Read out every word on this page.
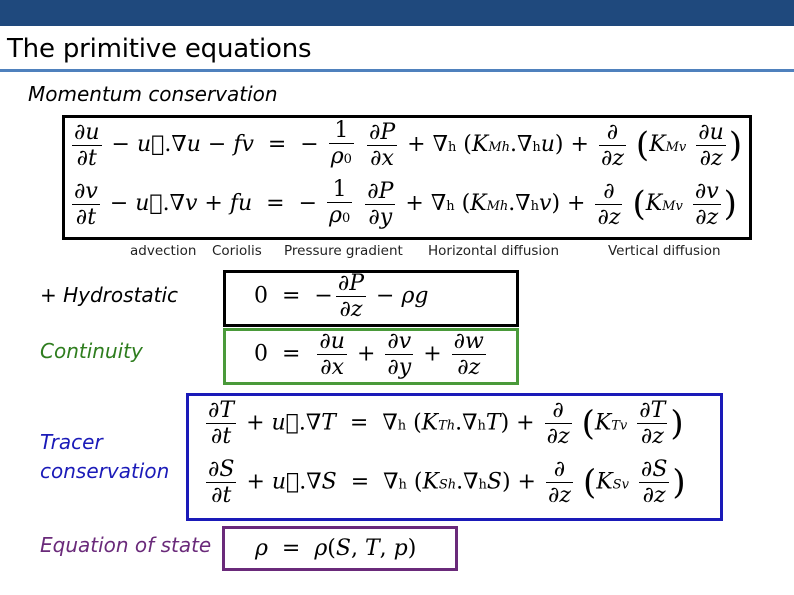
The primitive equations
Momentum conservation
$\frac{\partial u}{\partial t}$ − u⃗.∇u − fv  =  − $\frac{1}{\rho 0}$
$\frac{\partial P}{\partial x} + \nabla h$ $(KMh.\nabla hu) + \frac{\partial}{\partial z} (KMv \frac{\partial u}{\partial z}$ )
$\frac{\partial v}{\partial t}$ − u⃗.∇v + fu  =  − $\frac{1}{\rho 0}$
$\frac{\partial P}{\partial y} + \nabla h$ $(KMh.\nabla hv) + \frac{\partial}{\partial z} (KMv \frac{\partial v}{\partial z}$ )
advection Coriolis Pressure gradient Horizontal diffusion	Vertical diffusion
+ Hydrostatic	0  =  − $\frac{\partial P}{\partial z} - \rho g$
Continuity	$0 = \frac{\partial u}{\partial x} + \frac{\partial v}{\partial y} + \frac{\partial w}{\partial z}$
Tracer
conservation
$\frac{\partial T}{\partial t}$ + u⃗.∇T  =  ∇h $(KTh.\nabla hT) + \frac{\partial}{\partial z} (KTv \frac{\partial T}{\partial z}$ )
$\frac{\partial S}{\partial t}$ + u⃗.∇S  =  ∇h $(KSh.\nabla hS) + \frac{\partial}{\partial z} (KSv \frac{\partial S}{\partial z}$ )
Equation of state ρ  =  ρ(S, T, p)
